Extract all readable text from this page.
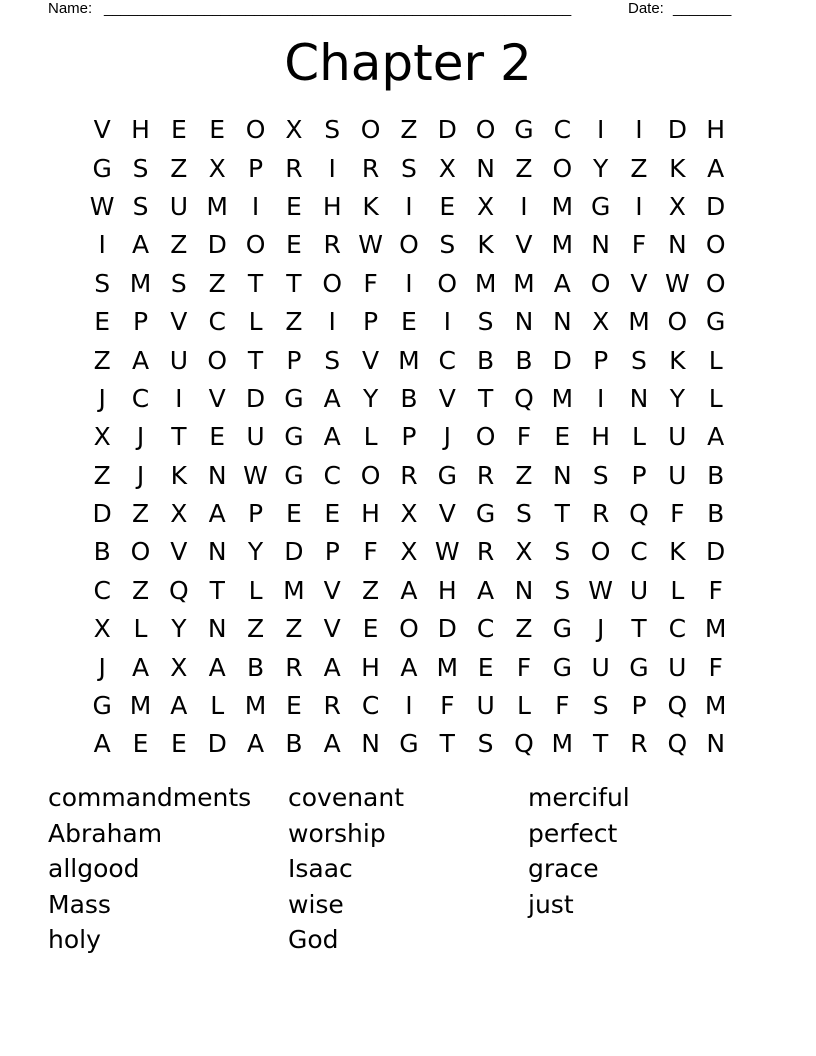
Name: ________________________________________________________	Date: _______
Chapter 2
V H E E O X S O Z D O G C	I	I	D H
G S Z X P R	I	R S X N Z O Y Z K A
W S U M I	E H K	I	E X	I M G I	X D
I	A Z D O E R W O S K V M N F N O
S M S Z T T O F	I O M M A O V W O
E P V C L Z	I	P E	I	S N N X M O G
Z A U O T P S V M C B B D P S K L
J	C	I	V D G A Y B V T Q M I	N Y L
X	J	T E U G A L P	J O F E H L U A
Z	J	K N W G C O R G R Z N S P U B
D Z X A P E E H X V G S T R Q F B
B O V N Y D P F X W R X S O C K D
C Z Q T L M V Z A H A N S W U L F
X L Y N Z Z V E O D C Z G J	T C M
J	A X A B R A H A M E F G U G U F
G M A L M E R C	I	F U L F S P Q M
A E E D A B A N G T S Q M T R Q N
commandments
Abraham
allgood
Mass
holy
covenant
worship
Isaac
wise
God
merciful
perfect
grace
just
